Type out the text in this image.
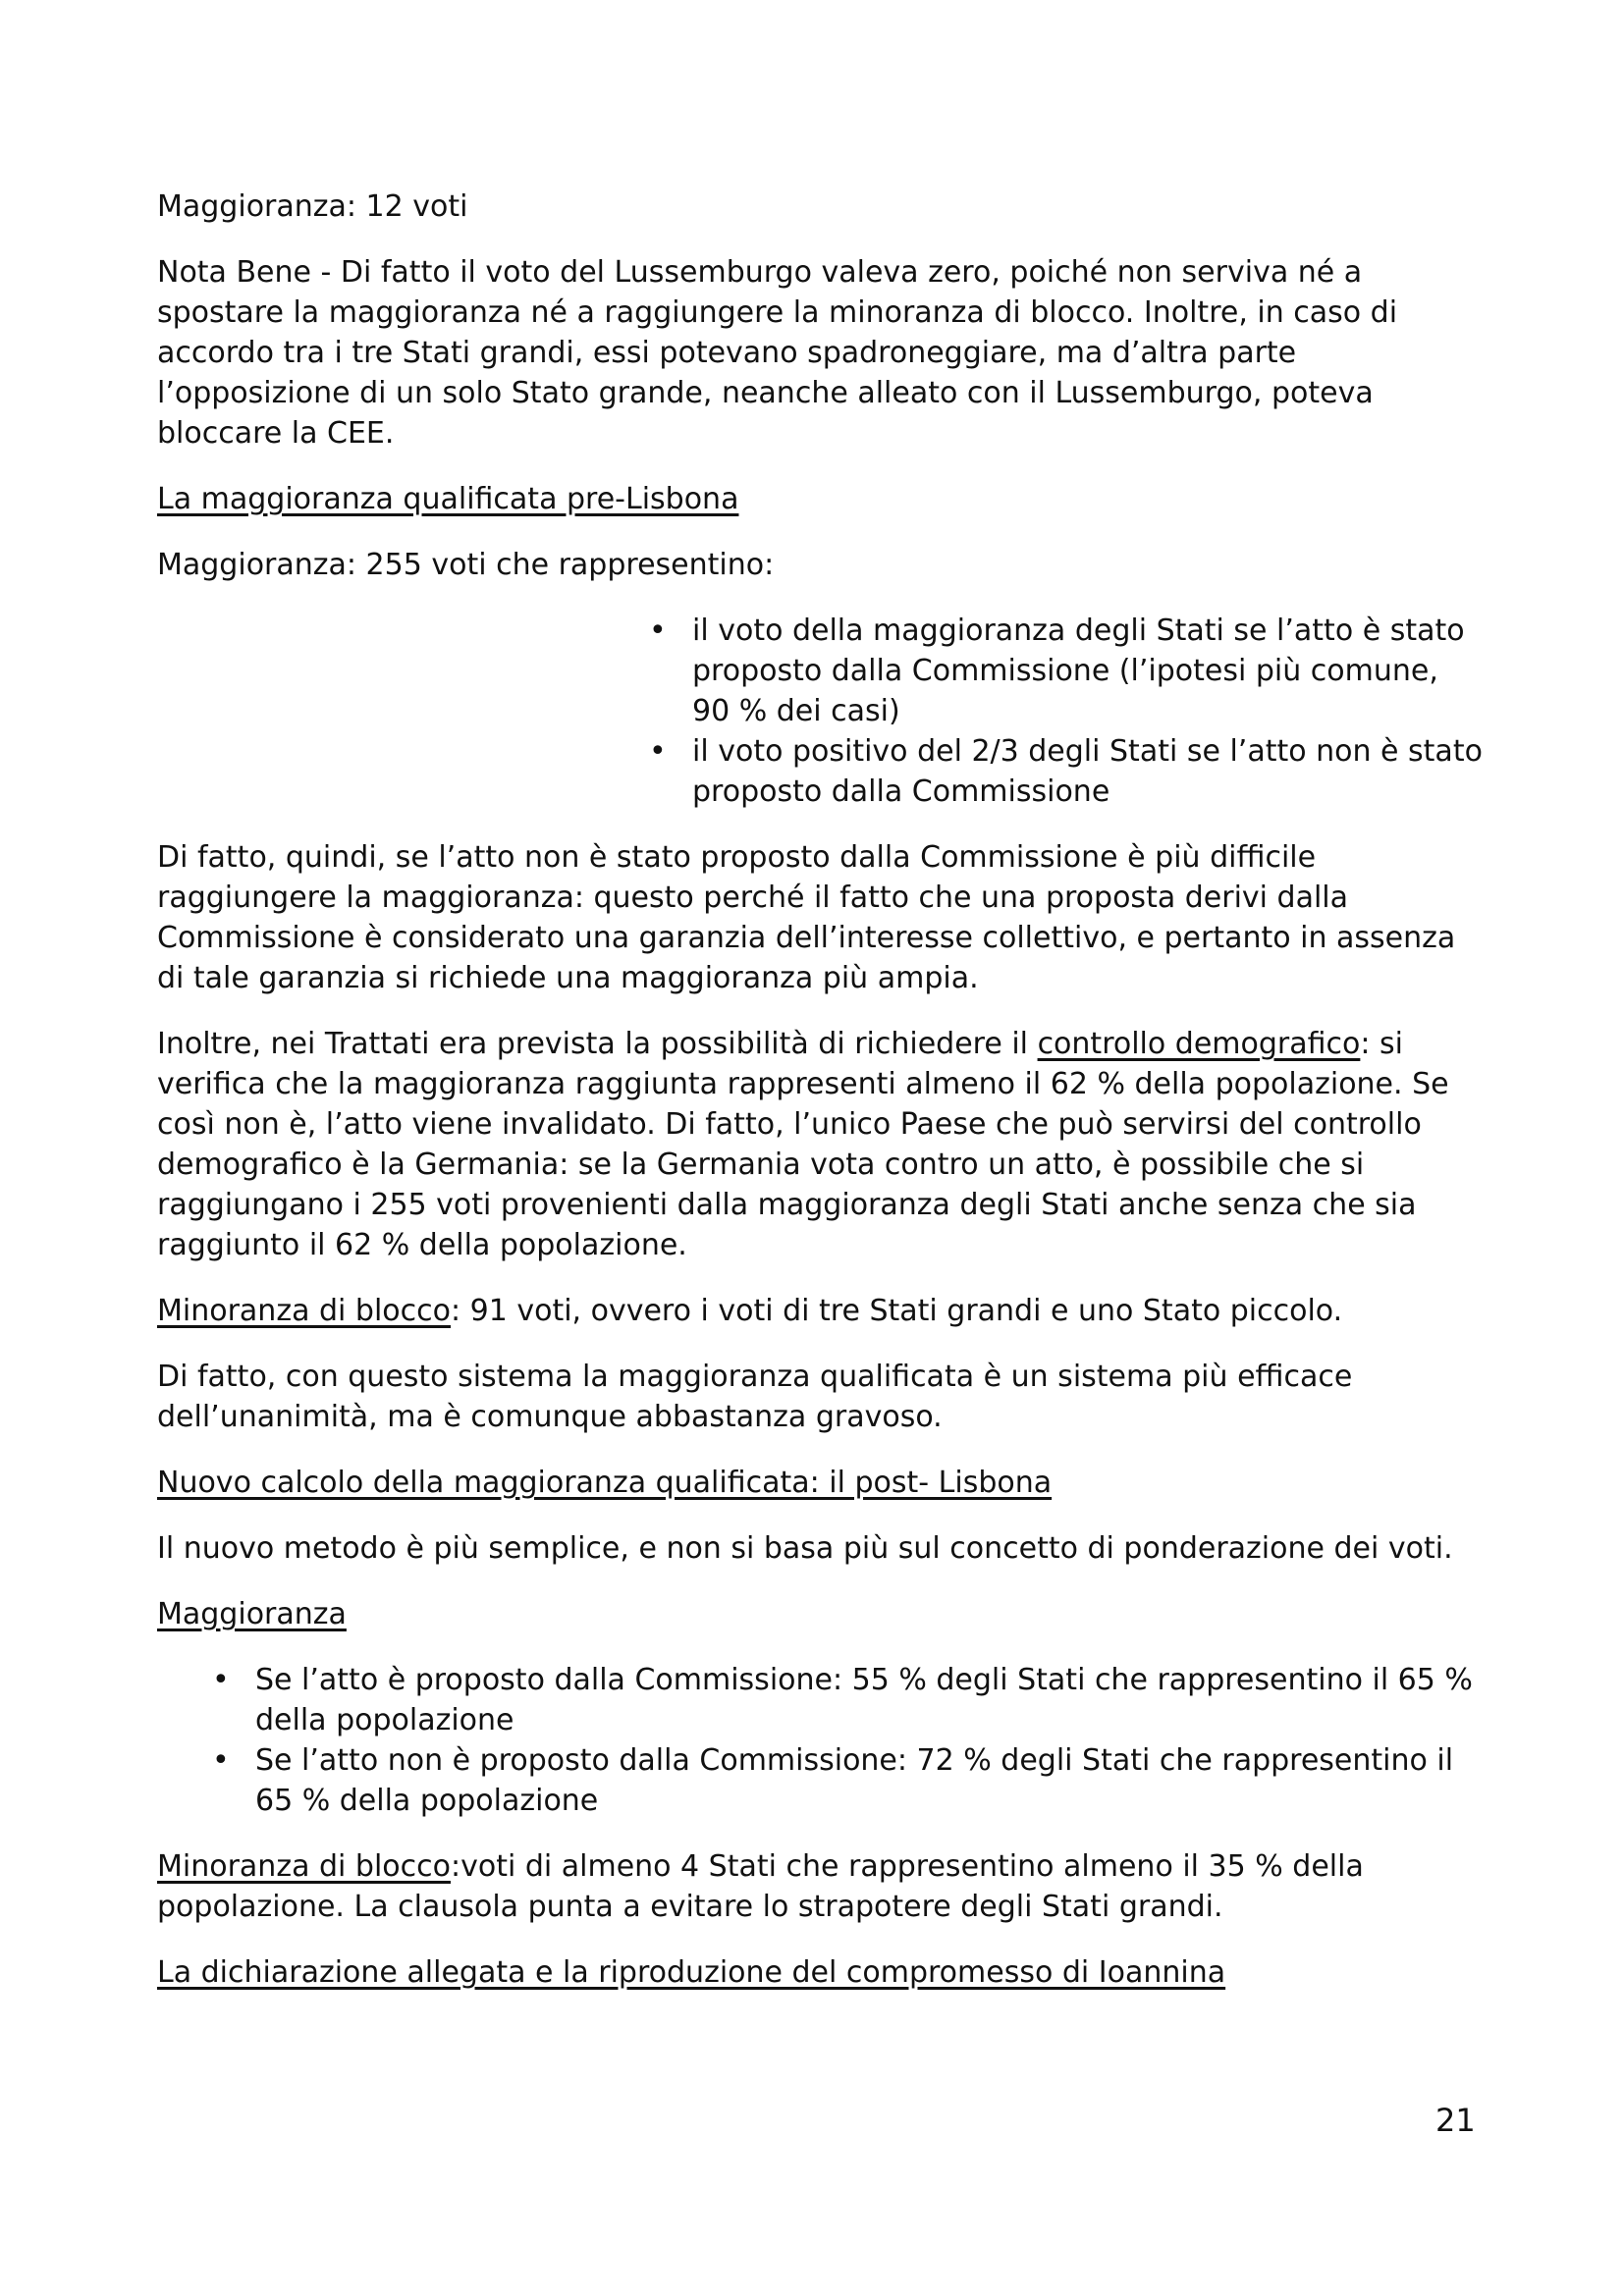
Maggioranza: 12 voti

Nota Bene - Di fatto il voto del Lussemburgo valeva zero, poiché non serviva né a spostare la maggioranza né a raggiungere la minoranza di blocco. Inoltre, in caso di accordo tra i tre Stati grandi, essi potevano spadroneggiare, ma d’altra parte l’opposizione di un solo Stato grande, neanche alleato con il Lussemburgo, poteva bloccare la CEE.

La maggioranza qualificata pre-Lisbona

Maggioranza: 255 voti che rappresentino:

• il voto della maggioranza degli Stati se l’atto è stato proposto dalla Commissione (l’ipotesi più comune, 90 % dei casi)
• il voto positivo del 2/3 degli Stati se l’atto non è stato proposto dalla Commissione

Di fatto, quindi, se l’atto non è stato proposto dalla Commissione è più difficile raggiungere la maggioranza: questo perché il fatto che una proposta derivi dalla Commissione è considerato una garanzia dell’interesse collettivo, e pertanto in assenza di tale garanzia si richiede una maggioranza più ampia.

Inoltre, nei Trattati era prevista la possibilità di richiedere il controllo demografico: si verifica che la maggioranza raggiunta rappresenti almeno il 62 % della popolazione. Se così non è, l’atto viene invalidato. Di fatto, l’unico Paese che può servirsi del controllo demografico è la Germania: se la Germania vota contro un atto, è possibile che si raggiungano i 255 voti provenienti dalla maggioranza degli Stati anche senza che sia raggiunto il 62 % della popolazione.

Minoranza di blocco: 91 voti, ovvero i voti di tre Stati grandi e uno Stato piccolo.

Di fatto, con questo sistema la maggioranza qualificata è un sistema più efficace dell’unanimità, ma è comunque abbastanza gravoso.

Nuovo calcolo della maggioranza qualificata: il post- Lisbona

Il nuovo metodo è più semplice, e non si basa più sul concetto di ponderazione dei voti.

Maggioranza

• Se l’atto è proposto dalla Commissione: 55 % degli Stati che rappresentino il 65 % della popolazione
• Se l’atto non è proposto dalla Commissione: 72 % degli Stati che rappresentino il 65 % della popolazione

Minoranza di blocco:voti di almeno 4 Stati che rappresentino almeno il 35 % della popolazione. La clausola punta a evitare lo strapotere degli Stati grandi.

La dichiarazione allegata e la riproduzione del compromesso di Ioannina

21
